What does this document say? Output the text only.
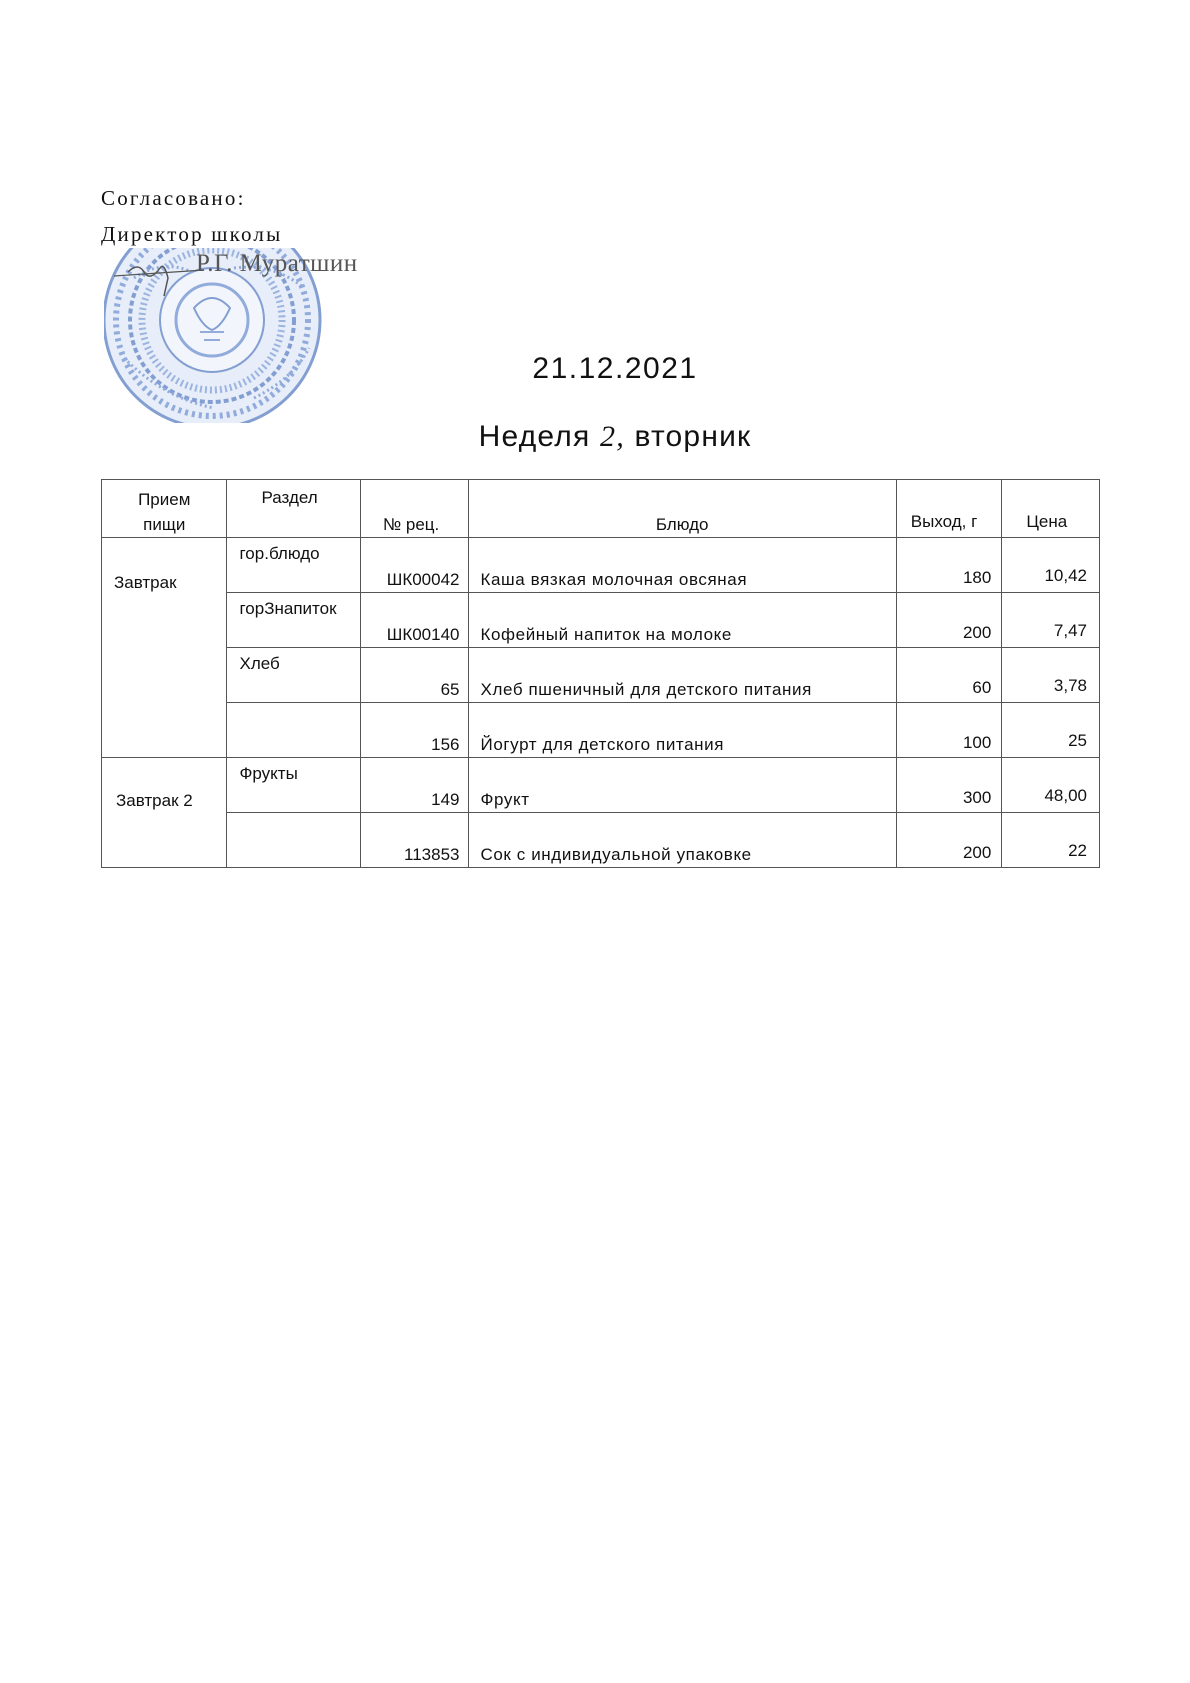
Согласовано:
Директор школы
Р.Г. Муратшин
21.12.2021
Неделя 2, вторник
Прием
пищи	Раздел	№ рец.	Блюдо	Выход, г	Цена

Завтрак	гор.блюдо	ШК00042	Каша вязкая молочная овсяная	180	10,42

	горЗнапиток	ШК00140	Кофейный напиток на молоке	200	7,47

	Хлеб	65	Хлеб пшеничный для детского питания	60	3,78

		156	Йогурт для детского питания	100	25

Завтрак 2	Фрукты	149	Фрукт	300	48,00

		113853	Сок с индивидуальной упаковке	200	22
